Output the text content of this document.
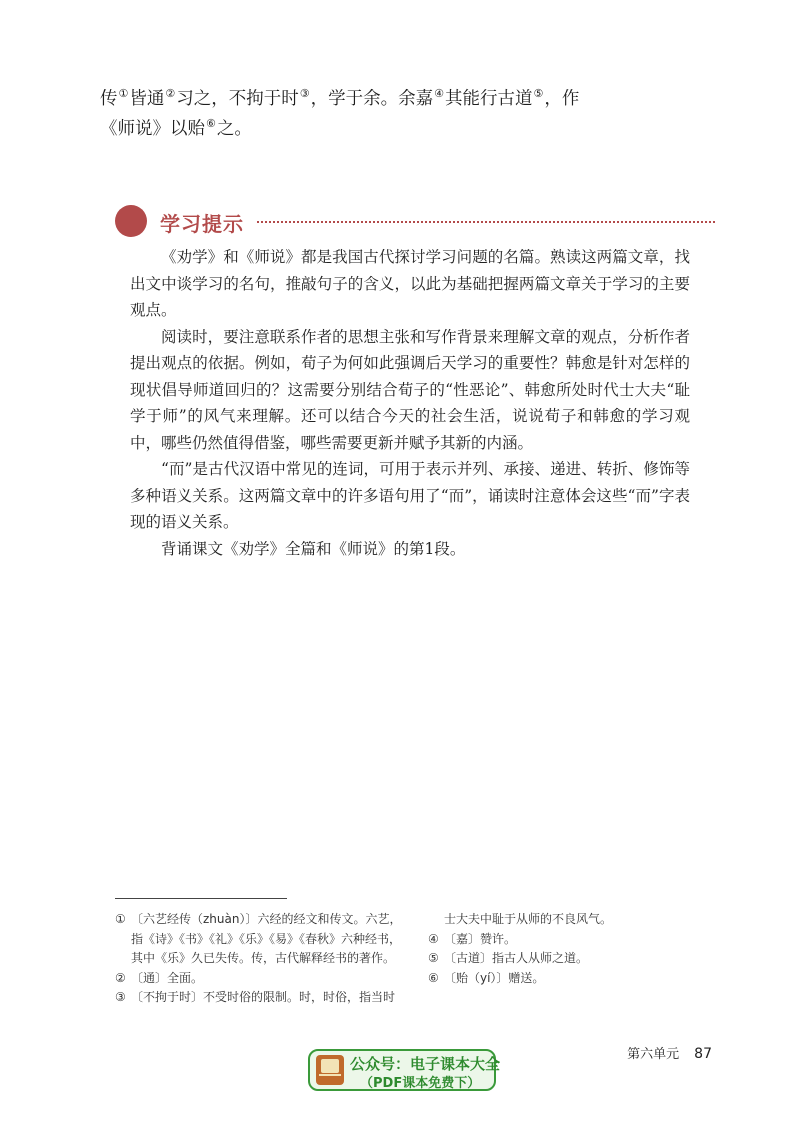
传①皆通②习之，不拘于时③，学于余。余嘉④其能行古道⑤，作
《师说》以贻⑥之。
学习提示

《劝学》和《师说》都是我国古代探讨学习问题的名篇。熟读这两篇文章，找出文中谈学习的名句，推敲句子的含义，以此为基础把握两篇文章关于学习的主要观点。

阅读时，要注意联系作者的思想主张和写作背景来理解文章的观点，分析作者提出观点的依据。例如，荀子为何如此强调后天学习的重要性？韩愈是针对怎样的现状倡导师道回归的？这需要分别结合荀子的“性恶论”、韩愈所处时代士大夫“耻学于师”的风气来理解。还可以结合今天的社会生活，说说荀子和韩愈的学习观中，哪些仍然值得借鉴，哪些需要更新并赋予其新的内涵。

“而”是古代汉语中常见的连词，可用于表示并列、承接、递进、转折、修饰等多种语义关系。这两篇文章中的许多语句用了“而”，诵读时注意体会这些“而”字表现的语义关系。

背诵课文《劝学》全篇和《师说》的第1段。

① 〔六艺经传（zhuàn）〕六经的经文和传文。六艺，
指《诗》《书》《礼》《乐》《易》《春秋》六种经书，
其中《乐》久已失传。传，古代解释经书的著作。
② 〔通〕全面。
③ 〔不拘于时〕不受时俗的限制。时，时俗，指当时
士大夫中耻于从师的不良风气。
④ 〔嘉〕赞许。
⑤ 〔古道〕指古人从师之道。
⑥ 〔贻（yí）〕赠送。
第六单元 87
公众号：电子课本大全
（PDF课本免费下）
